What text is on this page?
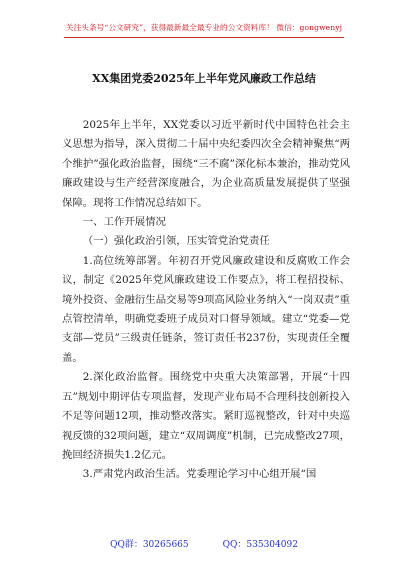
关注头条号“公文研究”，获得最新最全最专业的公文资料库！ 微信：gongwenyj
XX集团党委2025年上半年党风廉政工作总结

2025年上半年，XX党委以习近平新时代中国特色社会主义思想为指导，深入贯彻二十届中央纪委四次全会精神聚焦“两个维护”强化政治监督，围绕“三不腐”深化标本兼治，推动党风廉政建设与生产经营深度融合，为企业高质量发展提供了坚强保障。现将工作情况总结如下。

一、工作开展情况

（一）强化政治引领，压实管党治党责任

1.高位统筹部署。年初召开党风廉政建设和反腐败工作会议，制定《2025年党风廉政建设工作要点》，将工程招投标、境外投资、金融衍生品交易等9项高风险业务纳入“一岗双责”重点管控清单，明确党委班子成员对口督导领域。建立“党委—党支部—党员”三级责任链条，签订责任书237份，实现责任全覆盖。

2.深化政治监督。围绕党中央重大决策部署，开展“十四五”规划中期评估专项监督，发现产业布局不合理科技创新投入不足等问题12项，推动整改落实。紧盯巡视整改，针对中央巡视反馈的32项问题，建立“双周调度”机制，已完成整改27项，挽回经济损失1.2亿元。

3.严肃党内政治生活。党委理论学习中心组开展“国

QQ群：30265665	QQ：535304092
